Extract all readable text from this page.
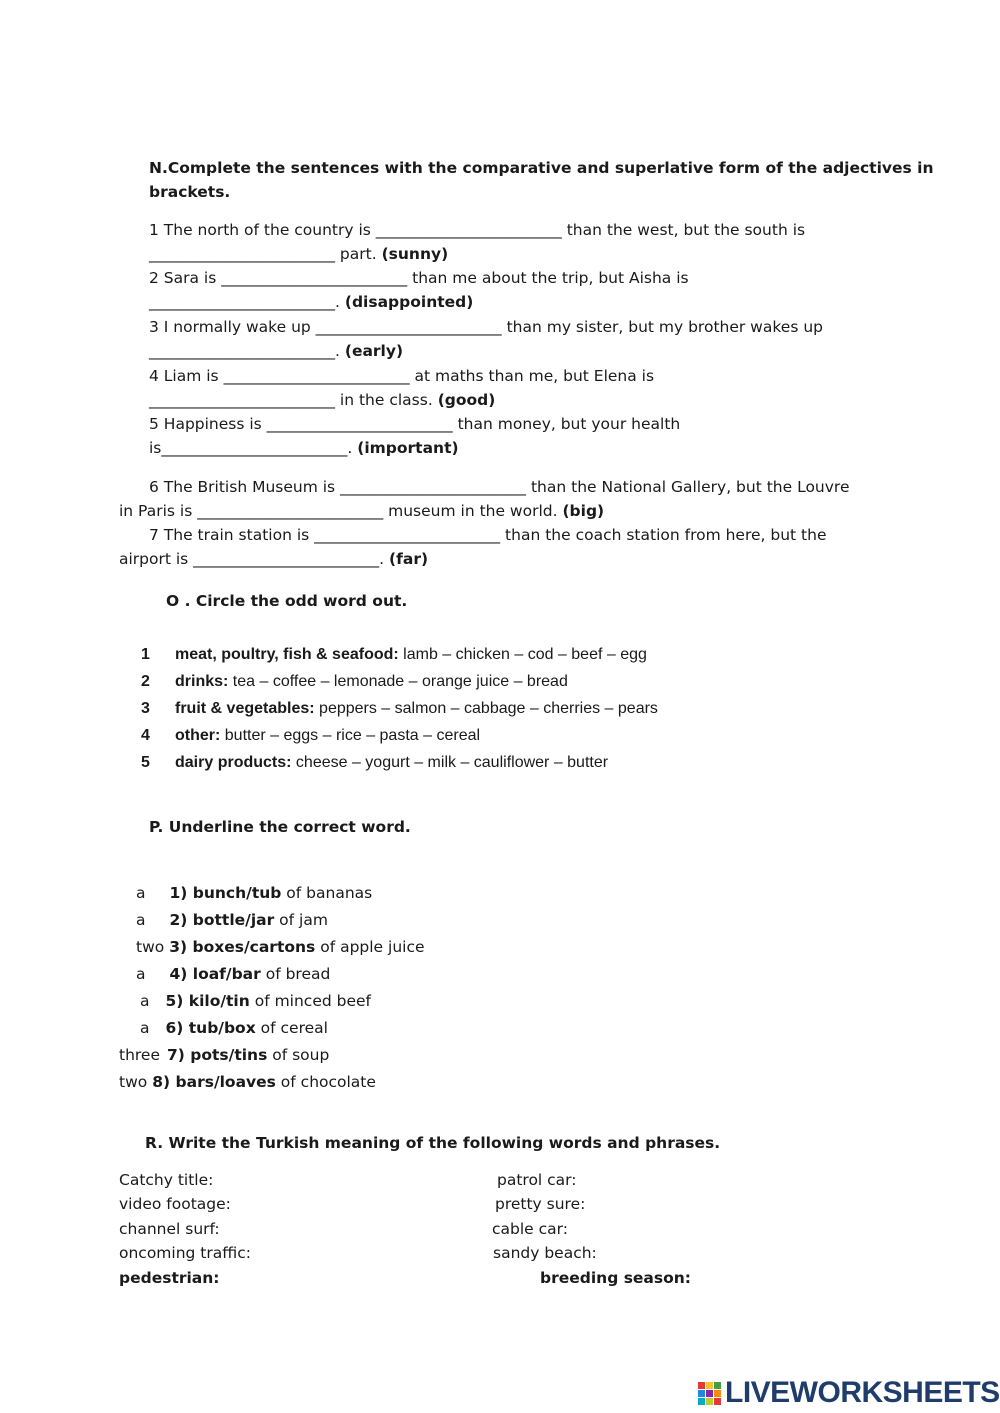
N.Complete the sentences with the comparative and superlative form of the adjectives in
brackets.
1 The north of the country is ________________________ than the west, but the south is
________________________ part. (sunny)
2 Sara is ________________________ than me about the trip, but Aisha is
________________________. (disappointed)
3 I normally wake up ________________________ than my sister, but my brother wakes up
________________________. (early)
4 Liam is ________________________ at maths than me, but Elena is
________________________ in the class. (good)
5 Happiness is ________________________ than money, but your health
is________________________. (important)
6 The British Museum is ________________________ than the National Gallery, but the Louvre
in Paris is ________________________ museum in the world. (big)
7 The train station is ________________________ than the coach station from here, but the
airport is ________________________. (far)
O . Circle the odd word out.
1 meat, poultry, fish & seafood: lamb – chicken – cod – beef – egg
2 drinks: tea – coffee – lemonade – orange juice – bread
3 fruit & vegetables: peppers – salmon – cabbage – cherries – pears
4 other: butter – eggs – rice – pasta – cereal
5 dairy products: cheese – yogurt – milk – cauliflower – butter
P. Underline the correct word.
a 1) bunch/tub of bananas
a 2) bottle/jar of jam
two 3) boxes/cartons of apple juice
a 4) loaf/bar of bread
a 5) kilo/tin of minced beef
a 6) tub/box of cereal
three 7) pots/tins of soup
two 8) bars/loaves of chocolate
R. Write the Turkish meaning of the following words and phrases.
Catchy title:
video footage:
channel surf:
oncoming traffic:
pedestrian:
patrol car:
pretty sure:
cable car:
sandy beach:
breeding season:
LIVEWORKSHEETS
